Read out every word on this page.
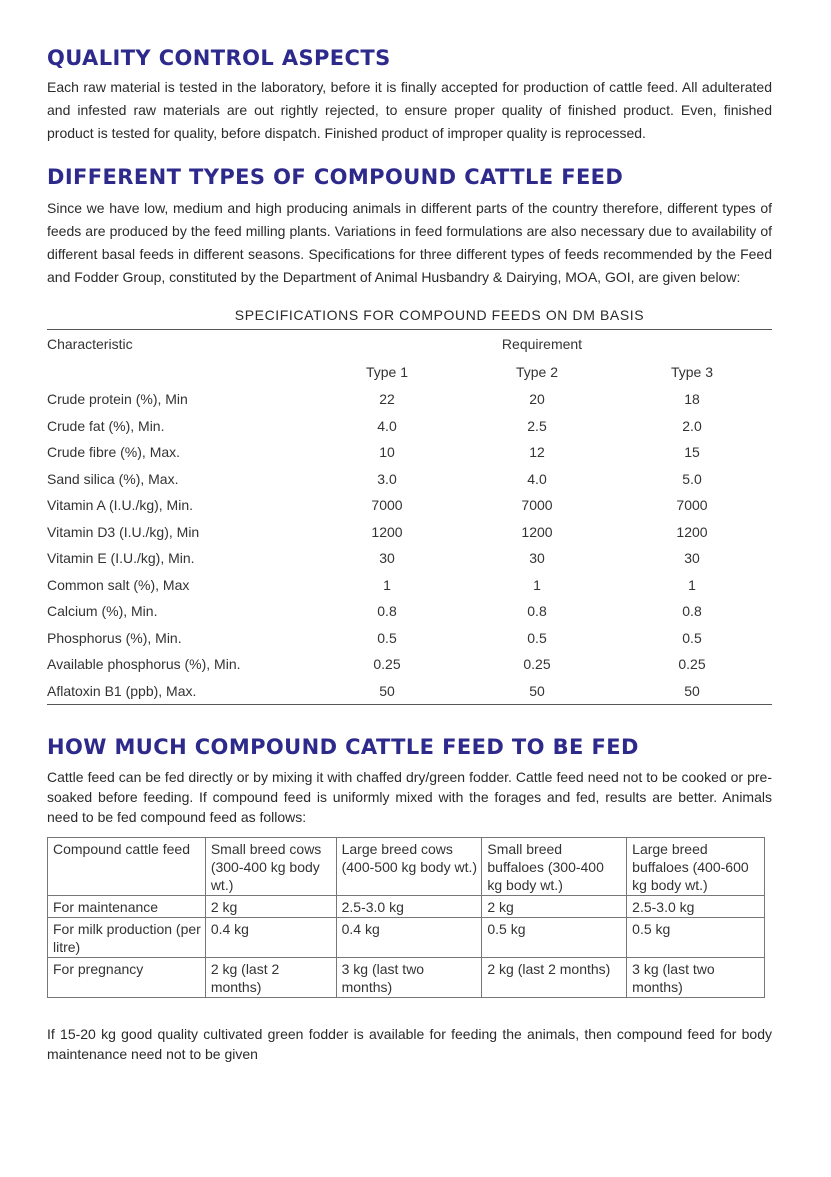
QUALITY CONTROL ASPECTS

Each raw material is tested in the laboratory, before it is finally accepted for production of cattle feed. All adulterated and infested raw materials are out rightly rejected, to ensure proper quality of finished product. Even, finished product is tested for quality, before dispatch. Finished product of improper quality is reprocessed.

DIFFERENT TYPES OF COMPOUND CATTLE FEED

Since we have low, medium and high producing animals in different parts of the country therefore, different types of feeds are produced by the feed milling plants. Variations in feed formulations are also necessary due to availability of different basal feeds in different seasons. Specifications for three different types of feeds recommended by the Feed and Fodder Group, constituted by the Department of Animal Husbandry & Dairying, MOA, GOI, are given below:

SPECIFICATIONS FOR COMPOUND FEEDS ON DM BASIS
Characteristic	Requirement		
	Type 1	Type 2	Type 3
Crude protein (%), Min	22	20	18
Crude fat (%), Min.	4.0	2.5	2.0
Crude fibre (%), Max.	10	12	15
Sand silica (%), Max.	3.0	4.0	5.0
Vitamin A (I.U./kg), Min.	7000	7000	7000
Vitamin D3 (I.U./kg), Min	1200	1200	1200
Vitamin E (I.U./kg), Min.	30	30	30
Common salt (%), Max	1	1	1
Calcium (%), Min.	0.8	0.8	0.8
Phosphorus (%), Min.	0.5	0.5	0.5
Available phosphorus (%), Min.	0.25	0.25	0.25
Aflatoxin B1 (ppb), Max.	50	50	50
HOW MUCH COMPOUND CATTLE FEED TO BE FED

Cattle feed can be fed directly or by mixing it with chaffed dry/green fodder. Cattle feed need not to be cooked or pre-soaked before feeding. If compound feed is uniformly mixed with the forages and fed, results are better. Animals need to be fed compound feed as follows:

Compound cattle feed	Small breed cows (300-400 kg body wt.)	Large breed cows (400-500 kg body wt.)	Small breed buffaloes (300-400 kg body wt.)	Large breed buffaloes (400-600 kg body wt.)
For maintenance	2 kg	2.5-3.0 kg	2 kg	2.5-3.0 kg
For milk production (per litre)	0.4 kg	0.4 kg	0.5 kg	0.5 kg
For pregnancy	2 kg (last 2 months)	3 kg (last two months)	2 kg (last 2 months)	3 kg (last two months)

If 15-20 kg good quality cultivated green fodder is available for feeding the animals, then compound feed for body maintenance need not to be given
